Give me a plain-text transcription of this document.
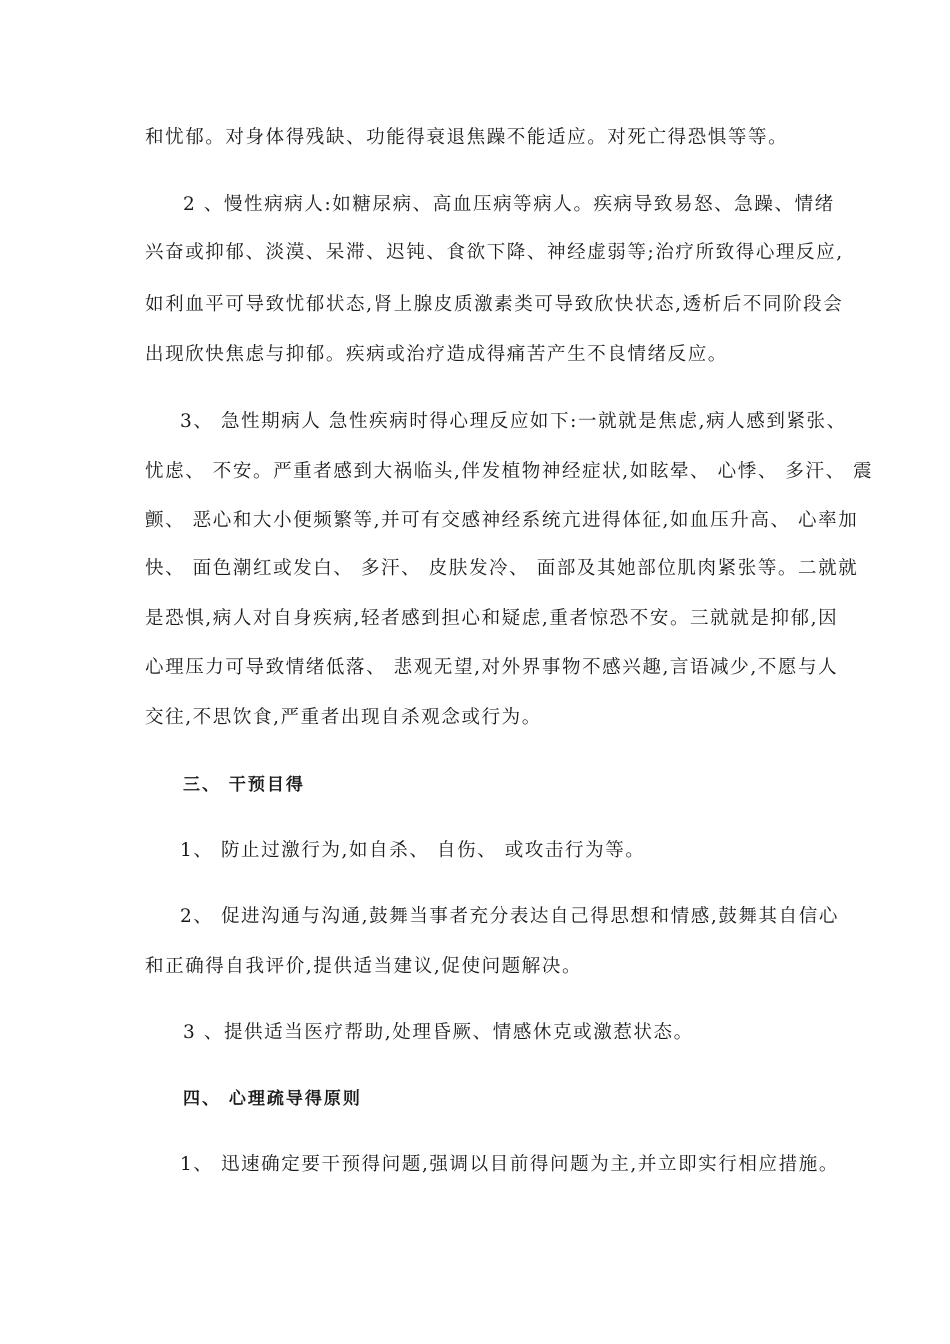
和忧郁。对身体得残缺、功能得衰退焦躁不能适应。对死亡得恐惧等等。
2 、慢性病病人:如糖尿病、高血压病等病人。疾病导致易怒、急躁、情绪
兴奋或抑郁、淡漠、呆滞、迟钝、食欲下降、神经虚弱等;治疗所致得心理反应,
如利血平可导致忧郁状态,肾上腺皮质激素类可导致欣快状态,透析后不同阶段会
出现欣快焦虑与抑郁。疾病或治疗造成得痛苦产生不良情绪反应。
3、 急性期病人 急性疾病时得心理反应如下:一就就是焦虑,病人感到紧张、
忧虑、 不安。严重者感到大祸临头,伴发植物神经症状,如眩晕、 心悸、 多汗、 震
颤、 恶心和大小便频繁等,并可有交感神经系统亢进得体征,如血压升高、 心率加
快、 面色潮红或发白、 多汗、 皮肤发冷、 面部及其她部位肌肉紧张等。二就就
是恐惧,病人对自身疾病,轻者感到担心和疑虑,重者惊恐不安。三就就是抑郁,因
心理压力可导致情绪低落、 悲观无望,对外界事物不感兴趣,言语减少,不愿与人
交往,不思饮食,严重者出现自杀观念或行为。
三、 干预目得
1、 防止过激行为,如自杀、 自伤、 或攻击行为等。
2、 促进沟通与沟通,鼓舞当事者充分表达自己得思想和情感,鼓舞其自信心
和正确得自我评价,提供适当建议,促使问题解决。
3 、提供适当医疗帮助,处理昏厥、情感休克或激惹状态。
四、 心理疏导得原则
1、 迅速确定要干预得问题,强调以目前得问题为主,并立即实行相应措施。
